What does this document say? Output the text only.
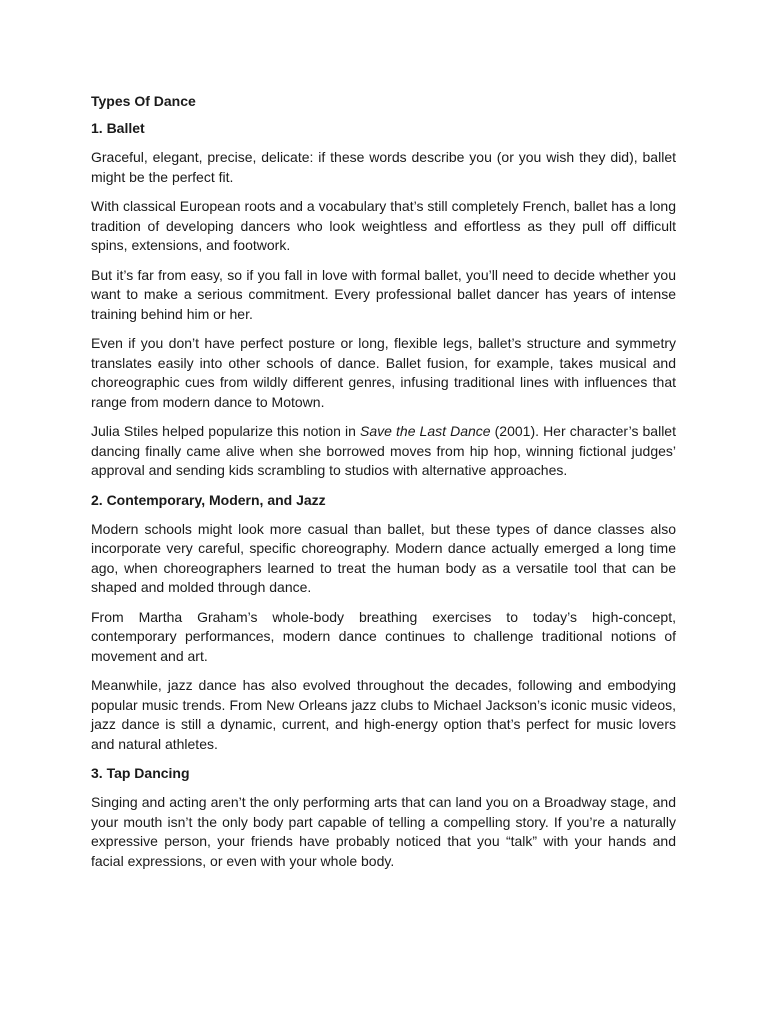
Types Of Dance
1. Ballet

Graceful, elegant, precise, delicate: if these words describe you (or you wish they did), ballet might be the perfect fit.

With classical European roots and a vocabulary that’s still completely French, ballet has a long tradition of developing dancers who look weightless and effortless as they pull off difficult spins, extensions, and footwork.

But it’s far from easy, so if you fall in love with formal ballet, you’ll need to decide whether you want to make a serious commitment. Every professional ballet dancer has years of intense training behind him or her.

Even if you don’t have perfect posture or long, flexible legs, ballet’s structure and symmetry translates easily into other schools of dance. Ballet fusion, for example, takes musical and choreographic cues from wildly different genres, infusing traditional lines with influences that range from modern dance to Motown.

Julia Stiles helped popularize this notion in Save the Last Dance (2001). Her character’s ballet dancing finally came alive when she borrowed moves from hip hop, winning fictional judges’ approval and sending kids scrambling to studios with alternative approaches.

2. Contemporary, Modern, and Jazz

Modern schools might look more casual than ballet, but these types of dance classes also incorporate very careful, specific choreography. Modern dance actually emerged a long time ago, when choreographers learned to treat the human body as a versatile tool that can be shaped and molded through dance.

From Martha Graham’s whole-body breathing exercises to today’s high-concept, contemporary performances, modern dance continues to challenge traditional notions of movement and art.

Meanwhile, jazz dance has also evolved throughout the decades, following and embodying popular music trends. From New Orleans jazz clubs to Michael Jackson’s iconic music videos, jazz dance is still a dynamic, current, and high-energy option that’s perfect for music lovers and natural athletes.

3. Tap Dancing

Singing and acting aren’t the only performing arts that can land you on a Broadway stage, and your mouth isn’t the only body part capable of telling a compelling story. If you’re a naturally expressive person, your friends have probably noticed that you “talk” with your hands and facial expressions, or even with your whole body.
